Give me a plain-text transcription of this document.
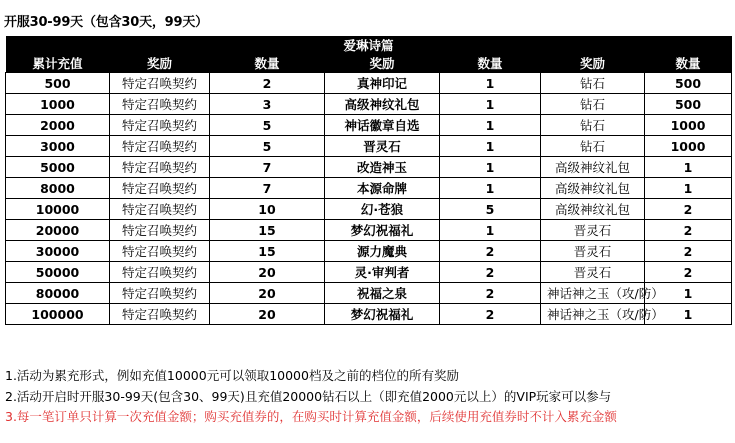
开服30-99天（包含30天，99天）
爱琳诗篇						
累计充值	奖励	数量	奖励	数量	奖励	数量
500	特定召唤契约	2	真神印记	1	钻石	500
1000	特定召唤契约	3	高级神纹礼包	1	钻石	500
2000	特定召唤契约	5	神话徽章自选	1	钻石	1000
3000	特定召唤契约	5	晋灵石	1	钻石	1000
5000	特定召唤契约	7	改造神玉	1	高级神纹礼包	1
8000	特定召唤契约	7	本源命牌	1	高级神纹礼包	1
10000	特定召唤契约	10	幻·苍狼	5	高级神纹礼包	2
20000	特定召唤契约	15	梦幻祝福礼	1	晋灵石	2
30000	特定召唤契约	15	源力魔典	2	晋灵石	2
50000	特定召唤契约	20	灵·审判者	2	晋灵石	2
80000	特定召唤契约	20	祝福之泉	2	神话神之玉（攻/防）	1
100000	特定召唤契约	20	梦幻祝福礼	2	神话神之玉（攻/防）	1
1.活动为累充形式，例如充值10000元可以领取10000档及之前的档位的所有奖励
2.活动开启时开服30-99天(包含30、99天)且充值20000钻石以上（即充值2000元以上）的VIP玩家可以参与
3.每一笔订单只计算一次充值金额；购买充值券的，在购买时计算充值金额，后续使用充值券时不计入累充金额
